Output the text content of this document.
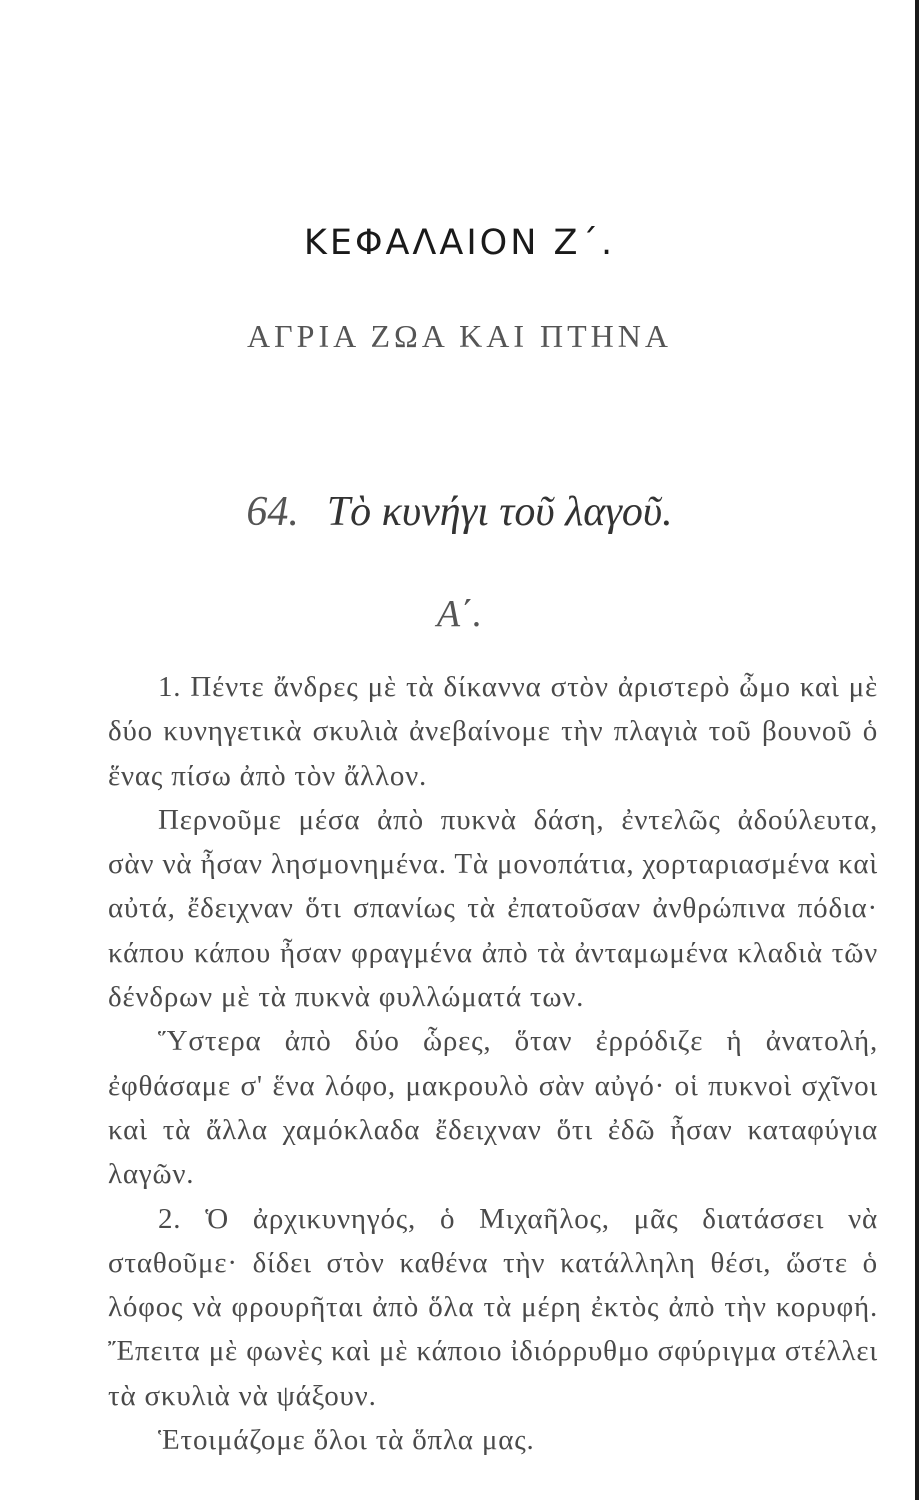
ΚΕΦΑΛΑΙΟΝ Ζ΄.
ΑΓΡΙΑ ΖΩΑ ΚΑΙ ΠΤΗΝΑ
64. Τὸ κυνήγι τοῦ λαγοῦ.
Α΄.

1. Πέντε ἄνδρες μὲ τὰ δίκαννα στὸν ἀριστερὸ ὦμο καὶ μὲ δύο κυνηγετικὰ σκυλιὰ ἀνεβαίνομε τὴν πλαγιὰ τοῦ βουνοῦ ὁ ἕνας πίσω ἀπὸ τὸν ἄλλον.

Περνοῦμε μέσα ἀπὸ πυκνὰ δάση, ἐντελῶς ἀδούλευτα, σὰν νὰ ἦσαν λησμονημένα. Τὰ μονοπάτια, χορταριασμένα καὶ αὐτά, ἔδειχναν ὅτι σπανίως τὰ ἐπατοῦσαν ἀνθρώπινα πόδια· κάπου κάπου ἦσαν φραγμένα ἀπὸ τὰ ἀνταμωμένα κλαδιὰ τῶν δένδρων μὲ τὰ πυκνὰ φυλλώματά των.

Ὕστερα ἀπὸ δύο ὧρες, ὅταν ἐρρόδιζε ἡ ἀνατολή, ἐφθάσαμε σ' ἕνα λόφο, μακρουλὸ σὰν αὐγό· οἱ πυκνοὶ σχῖνοι καὶ τὰ ἄλλα χαμόκλαδα ἔδειχναν ὅτι ἐδῶ ἦσαν καταφύγια λαγῶν.

2. Ὁ ἀρχικυνηγός, ὁ Μιχαῆλος, μᾶς διατάσσει νὰ σταθοῦμε· δίδει στὸν καθένα τὴν κατάλληλη θέσι, ὥστε ὁ λόφος νὰ φρουρῆται ἀπὸ ὅλα τὰ μέρη ἐκτὸς ἀπὸ τὴν κορυφή. Ἔπειτα μὲ φωνὲς καὶ μὲ κάποιο ἰδιόρρυθμο σφύριγμα στέλλει τὰ σκυλιὰ νὰ ψάξουν.

Ἑτοιμάζομε ὅλοι τὰ ὅπλα μας.
